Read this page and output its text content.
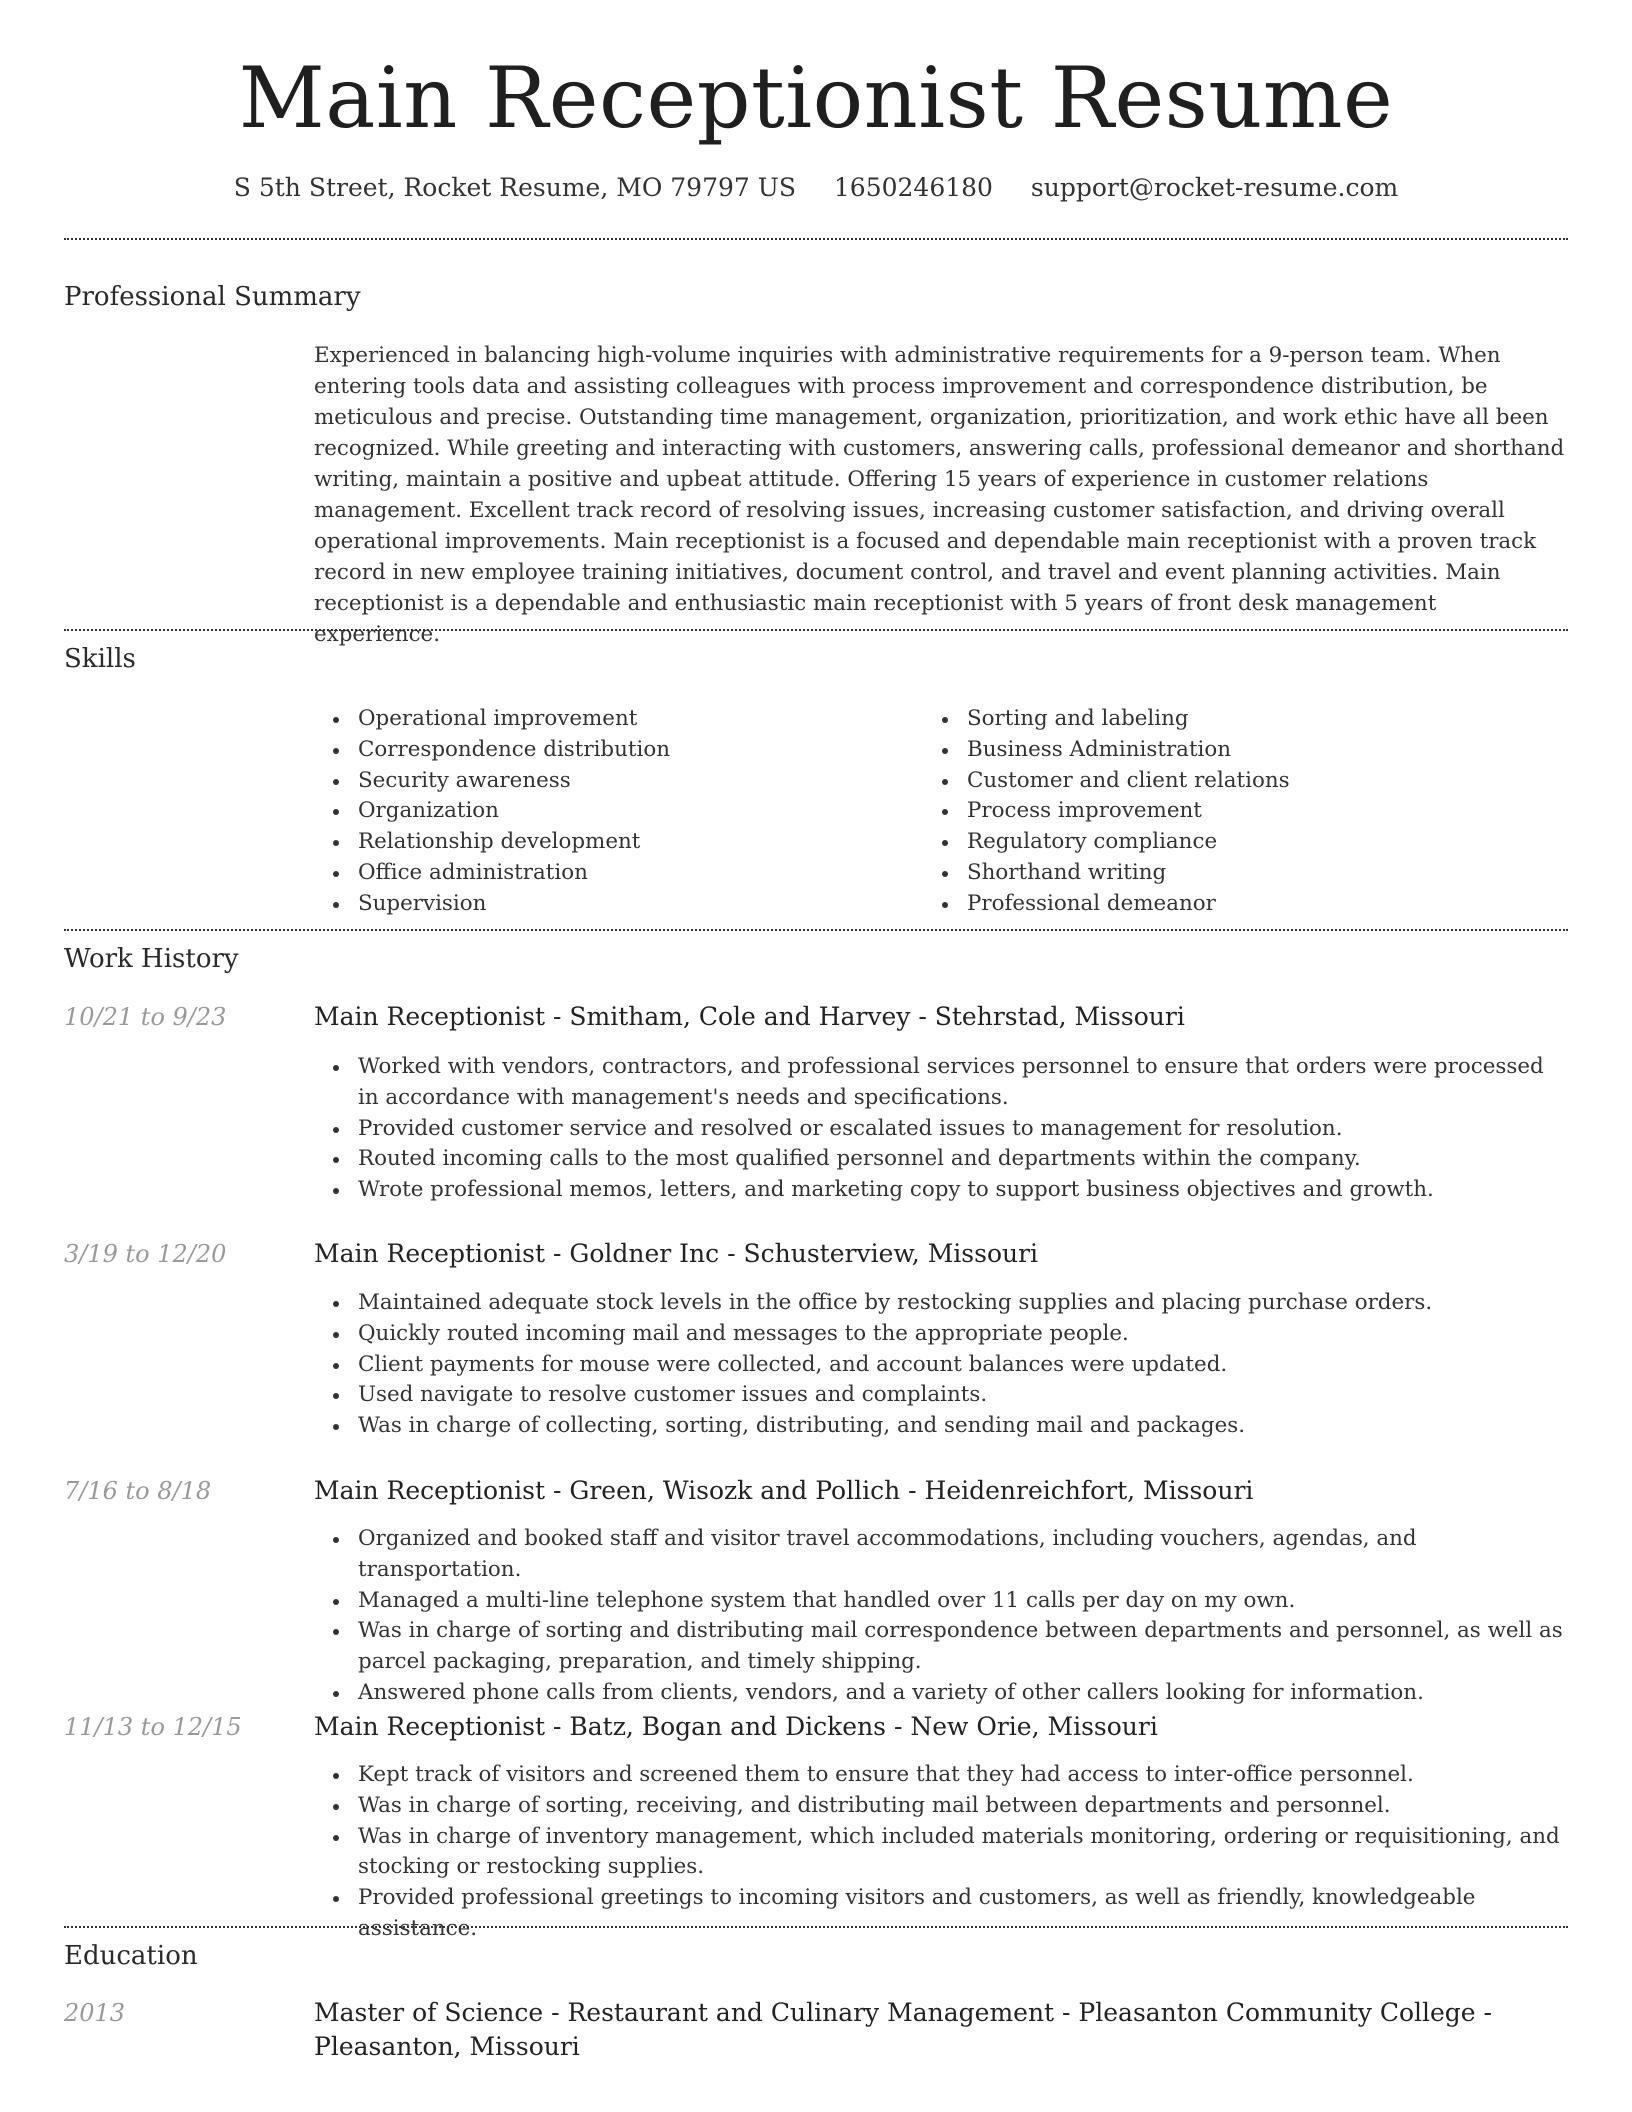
Main Receptionist Resume
S 5th Street, Rocket Resume, MO 79797 US 1650246180 support@rocket-resume.com
Professional Summary
Experienced in balancing high-volume inquiries with administrative requirements for a 9-person team. When entering tools data and assisting colleagues with process improvement and correspondence distribution, be meticulous and precise. Outstanding time management, organization, prioritization, and work ethic have all been recognized. While greeting and interacting with customers, answering calls, professional demeanor and shorthand writing, maintain a positive and upbeat attitude. Offering 15 years of experience in customer relations management. Excellent track record of resolving issues, increasing customer satisfaction, and driving overall operational improvements. Main receptionist is a focused and dependable main receptionist with a proven track record in new employee training initiatives, document control, and travel and event planning activities. Main receptionist is a dependable and enthusiastic main receptionist with 5 years of front desk management experience.
Skills
Operational improvement
Correspondence distribution
Security awareness
Organization
Relationship development
Office administration
Supervision
Sorting and labeling
Business Administration
Customer and client relations
Process improvement
Regulatory compliance
Shorthand writing
Professional demeanor
Work History
10/21 to 9/23	Main Receptionist - Smitham, Cole and Harvey - Stehrstad, Missouri
Worked with vendors, contractors, and professional services personnel to ensure that orders were processed in accordance with management's needs and specifications.
Provided customer service and resolved or escalated issues to management for resolution.
Routed incoming calls to the most qualified personnel and departments within the company.
Wrote professional memos, letters, and marketing copy to support business objectives and growth.
3/19 to 12/20	Main Receptionist - Goldner Inc - Schusterview, Missouri
Maintained adequate stock levels in the office by restocking supplies and placing purchase orders.
Quickly routed incoming mail and messages to the appropriate people.
Client payments for mouse were collected, and account balances were updated.
Used navigate to resolve customer issues and complaints.
Was in charge of collecting, sorting, distributing, and sending mail and packages.
7/16 to 8/18	Main Receptionist - Green, Wisozk and Pollich - Heidenreichfort, Missouri
Organized and booked staff and visitor travel accommodations, including vouchers, agendas, and transportation.
Managed a multi-line telephone system that handled over 11 calls per day on my own.
Was in charge of sorting and distributing mail correspondence between departments and personnel, as well as parcel packaging, preparation, and timely shipping.
Answered phone calls from clients, vendors, and a variety of other callers looking for information.
11/13 to 12/15	Main Receptionist - Batz, Bogan and Dickens - New Orie, Missouri
Kept track of visitors and screened them to ensure that they had access to inter-office personnel.
Was in charge of sorting, receiving, and distributing mail between departments and personnel.
Was in charge of inventory management, which included materials monitoring, ordering or requisitioning, and stocking or restocking supplies.
Provided professional greetings to incoming visitors and customers, as well as friendly, knowledgeable assistance.
Education
2013	Master of Science - Restaurant and Culinary Management - Pleasanton Community College - Pleasanton, Missouri
